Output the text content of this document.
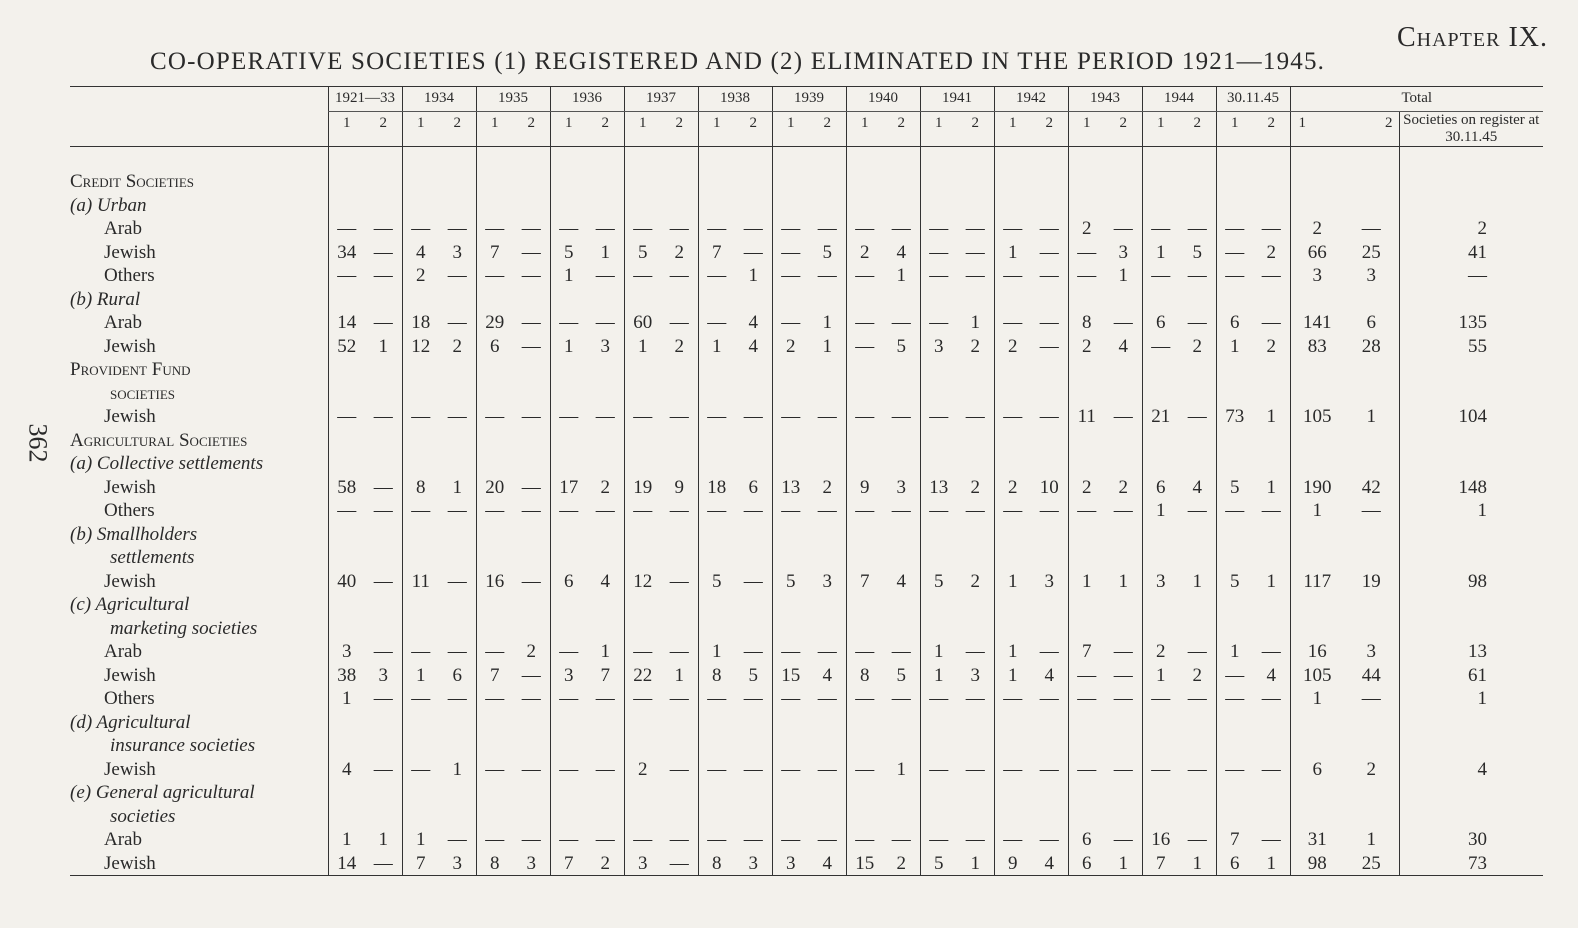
Chapter IX.
CO-OPERATIVE SOCIETIES (1) REGISTERED AND (2) ELIMINATED IN THE PERIOD 1921—1945.
362
	1921—33		1934		1935		1936		1937		1938		1939		1940		1941		1942		1943		1944		30.11.45		Total		
	1	2	1	2	1	2	1	2	1	2	1	2	1	2	1	2	1	2	1	2	1	2	1	2	1	2	1	2	Societies on register at 30.11.45

Credit Societies																													
(a) Urban																													
Arab	—	—	—	—	—	—	—	—	—	—	—	—	—	—	—	—	—	—	—	—	2	—	—	—	—	—	2	—	2
Jewish	34	—	4	3	7	—	5	1	5	2	7	—	—	5	2	4	—	—	1	—	—	3	1	5	—	2	66	25	41
Others	—	—	2	—	—	—	1	—	—	—	—	1	—	—	—	1	—	—	—	—	—	1	—	—	—	—	3	3	—
(b) Rural																													
Arab	14	—	18	—	29	—	—	—	60	—	—	4	—	1	—	—	—	1	—	—	8	—	6	—	6	—	141	6	135
Jewish	52	1	12	2	6	—	1	3	1	2	1	4	2	1	—	5	3	2	2	—	2	4	—	2	1	2	83	28	55
Provident Fund																													
societies																													
Jewish	—	—	—	—	—	—	—	—	—	—	—	—	—	—	—	—	—	—	—	—	11	—	21	—	73	1	105	1	104
Agricultural Societies																													
(a) Collective settlements																													
Jewish	58	—	8	1	20	—	17	2	19	9	18	6	13	2	9	3	13	2	2	10	2	2	6	4	5	1	190	42	148
Others	—	—	—	—	—	—	—	—	—	—	—	—	—	—	—	—	—	—	—	—	—	—	1	—	—	—	1	—	1
(b) Smallholders																													
settlements																													
Jewish	40	—	11	—	16	—	6	4	12	—	5	—	5	3	7	4	5	2	1	3	1	1	3	1	5	1	117	19	98
(c) Agricultural																													
marketing societies																													
Arab	3	—	—	—	—	2	—	1	—	—	1	—	—	—	—	—	1	—	1	—	7	—	2	—	1	—	16	3	13
Jewish	38	3	1	6	7	—	3	7	22	1	8	5	15	4	8	5	1	3	1	4	—	—	1	2	—	4	105	44	61
Others	1	—	—	—	—	—	—	—	—	—	—	—	—	—	—	—	—	—	—	—	—	—	—	—	—	—	1	—	1
(d) Agricultural																													
insurance societies																													
Jewish	4	—	—	1	—	—	—	—	2	—	—	—	—	—	—	1	—	—	—	—	—	—	—	—	—	—	6	2	4
(e) General agricultural																													
societies																													
Arab	1	1	1	—	—	—	—	—	—	—	—	—	—	—	—	—	—	—	—	—	6	—	16	—	7	—	31	1	30
Jewish	14	—	7	3	8	3	7	2	3	—	8	3	3	4	15	2	5	1	9	4	6	1	7	1	6	1	98	25	73
